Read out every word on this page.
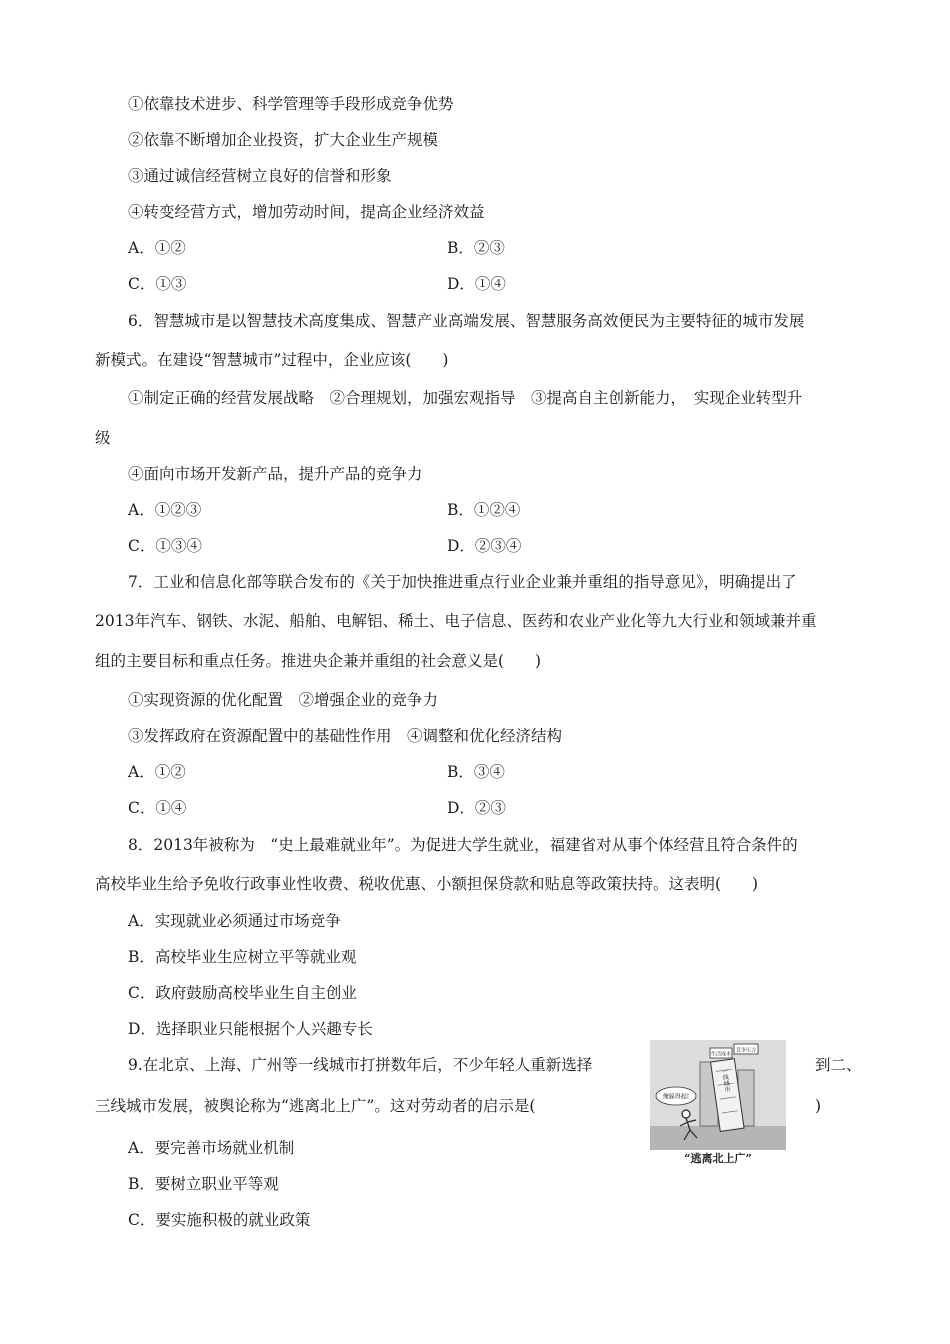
①依靠技术进步、科学管理等手段形成竞争优势
②依靠不断增加企业投资，扩大企业生产规模
③通过诚信经营树立良好的信誉和形象
④转变经营方式，增加劳动时间，提高企业经济效益
A．①②	B．②③
C．①③	D．①④
6．智慧城市是以智慧技术高度集成、智慧产业高端发展、智慧服务高效便民为主要特征的城市发展
新模式。在建设“智慧城市”过程中，企业应该(　　)
①制定正确的经营发展战略　②合理规划，加强宏观指导　③提高自主创新能力，　实现企业转型升
级
④面向市场开发新产品，提升产品的竞争力
A．①②③	B．①②④
C．①③④	D．②③④
7．工业和信息化部等联合发布的《关于加快推进重点行业企业兼并重组的指导意见》，明确提出了
2013年汽车、钢铁、水泥、船舶、电解铝、稀土、电子信息、医药和农业产业化等九大行业和领域兼并重
组的主要目标和重点任务。推进央企兼并重组的社会意义是(　　)
①实现资源的优化配置　②增强企业的竞争力
③发挥政府在资源配置中的基础性作用　④调整和优化经济结构
A．①②	B．③④
C．①④	D．②③
8．2013年被称为　“史上最难就业年”。为促进大学生就业，福建省对从事个体经营且符合条件的
高校毕业生给予免收行政事业性收费、税收优惠、小额担保贷款和贴息等政策扶持。这表明(　　)
A．实现就业必须通过市场竞争
B．高校毕业生应树立平等就业观
C．政府鼓励高校毕业生自主创业
D．选择职业只能根据个人兴趣专长
9.在北京、上海、广州等一线城市打拼数年后，不少年轻人重新选择	到二、
三线城市发展，被舆论称为“逃离北上广”。这对劳动者的启示是(	)
A．要完善市场就业机制
B．要树立职业平等观
C．要实施积极的就业政策
一线城市
生活成本
竞争压力
俺躲得起!
“逃离北上广”
